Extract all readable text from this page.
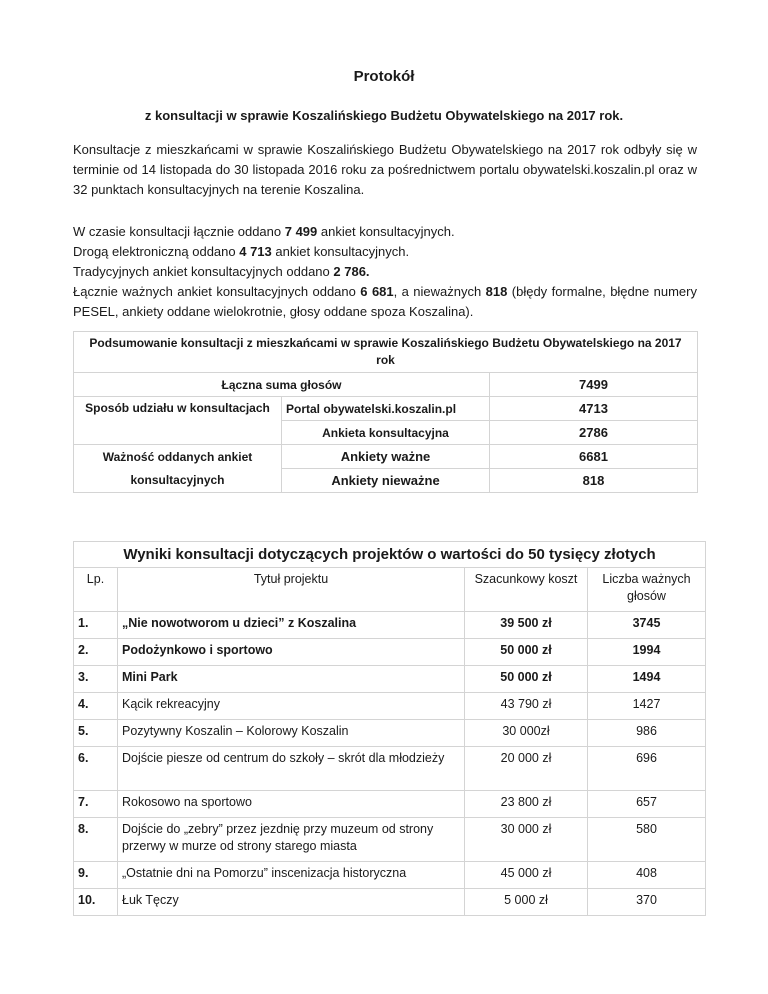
Protokół
z konsultacji w sprawie Koszalińskiego Budżetu Obywatelskiego na 2017 rok.
Konsultacje z mieszkańcami w sprawie Koszalińskiego Budżetu Obywatelskiego na 2017 rok odbyły się w terminie od 14 listopada do 30 listopada 2016 roku za pośrednictwem portalu obywatelski.koszalin.pl oraz w 32 punktach konsultacyjnych na terenie Koszalina.
W czasie konsultacji łącznie oddano 7 499 ankiet konsultacyjnych.
Drogą elektroniczną oddano 4 713 ankiet konsultacyjnych.
Tradycyjnych ankiet konsultacyjnych oddano 2 786.
Łącznie ważnych ankiet konsultacyjnych oddano 6 681, a nieważnych 818 (błędy formalne, błędne numery PESEL, ankiety oddane wielokrotnie, głosy oddane spoza Koszalina).
Podsumowanie konsultacji z mieszkańcami w sprawie Koszalińskiego Budżetu Obywatelskiego na 2017 rok		
Łączna suma głosów		7499
Sposób udziału w konsultacjach	Portal obywatelski.koszalin.pl	4713
	Ankieta konsultacyjna	2786
Ważność oddanych ankiet	Ankiety ważne	6681
konsultacyjnych	Ankiety nieważne	818
Wyniki konsultacji dotyczących projektów o wartości do 50 tysięcy złotych			
Lp.	Tytuł projektu	Szacunkowy koszt	Liczba ważnych głosów
1.	„Nie nowotworom u dzieci” z Koszalina	39 500 zł	3745
2.	Podożynkowo i sportowo	50 000 zł	1994
3.	Mini Park	50 000 zł	1494
4.	Kącik rekreacyjny	43 790 zł	1427
5.	Pozytywny Koszalin – Kolorowy Koszalin	30 000zł	986
6.	Dojście piesze od centrum do szkoły – skrót dla młodzieży	20 000 zł	696
7.	Rokosowo na sportowo	23 800 zł	657
8.	Dojście do „zebry” przez jezdnię przy muzeum od strony przerwy w murze od strony starego miasta	30 000 zł	580
9.	„Ostatnie dni na Pomorzu” inscenizacja historyczna	45 000 zł	408
10.	Łuk Tęczy	5 000 zł	370
